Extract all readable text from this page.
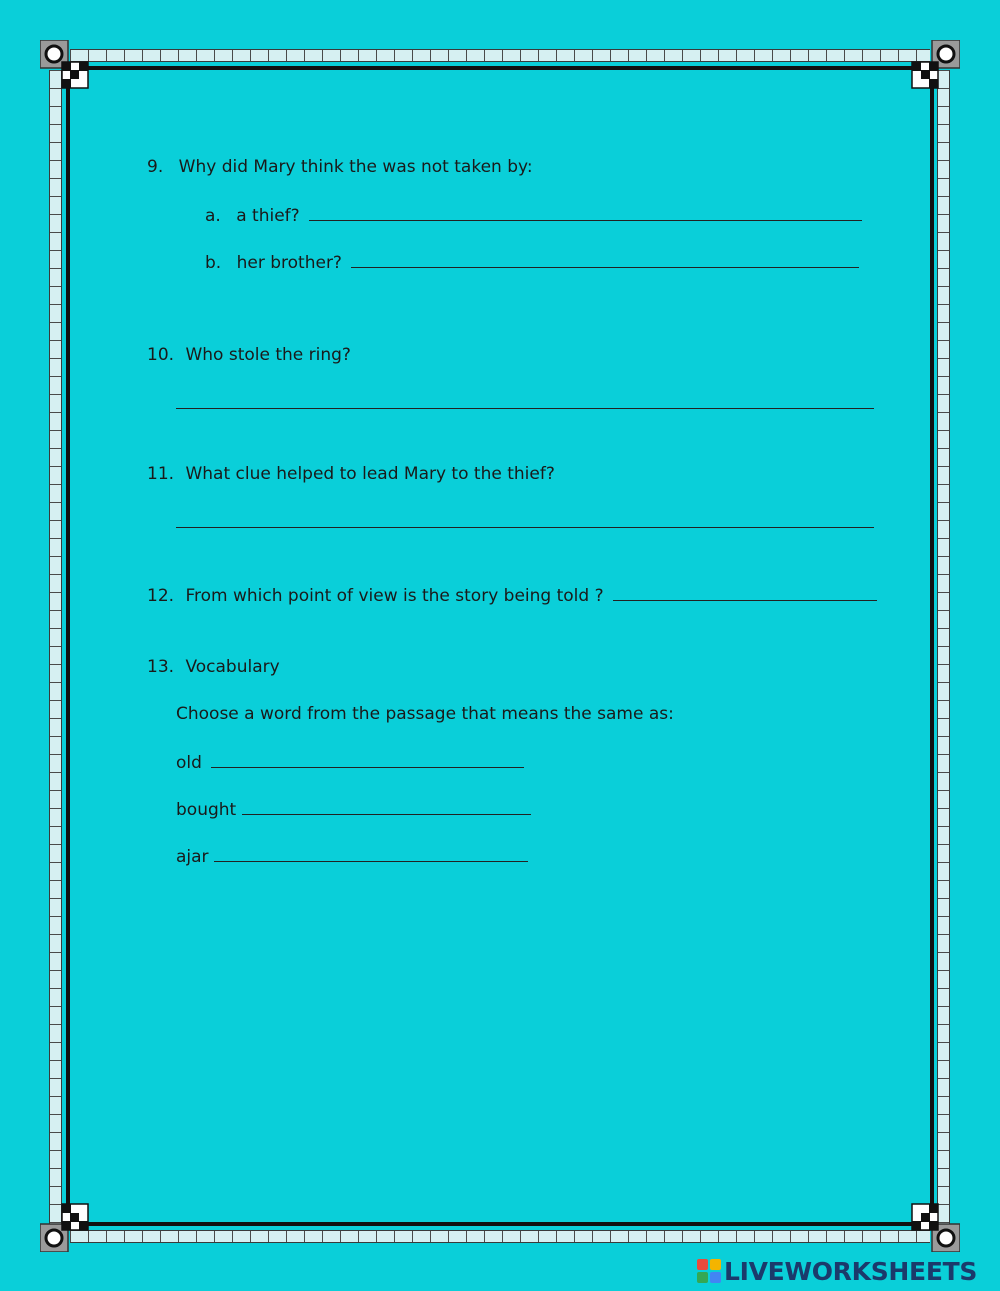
9. Why did Mary think the was not taken by:
a. a thief?
b. her brother?
10. Who stole the ring?
11. What clue helped to lead Mary to the thief?
12. From which point of view is the story being told ?
13. Vocabulary
Choose a word from the passage that means the same as:
old
bought
ajar
LIVEWORKSHEETS
